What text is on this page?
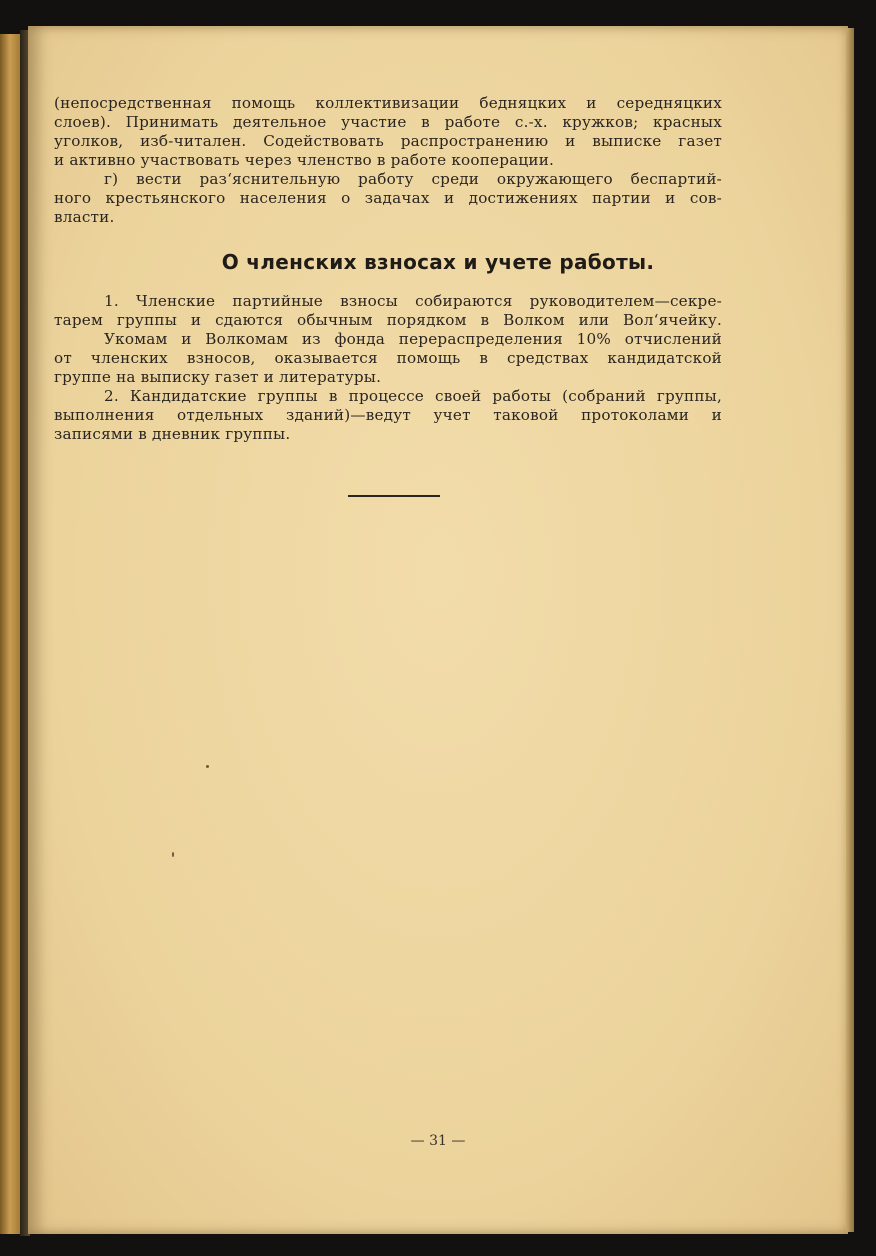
(непосредственная помощь коллективизации бедняцких и середняцких
слоев). Принимать деятельное участие в работе с.-х. кружков; красных
уголков, изб-читален. Содействовать распространению и выписке газет
и активно участвовать через членство в работе кооперации.
г) вести раз‘яснительную работу среди окружающего беспартий-
ного крестьянского населения о задачах и достижениях партии и сов-
власти.
О членских взносах и учете работы.
1. Членские партийные взносы собираются руководителем—секре-
тарем группы и сдаются обычным порядком в Волком или Вол‘ячейку.
Укомам и Волкомам из фонда перераспределения 10% отчислений
от членских взносов, оказывается помощь в средствах кандидатской
группе на выписку газет и литературы.
2. Кандидатские группы в процессе своей работы (собраний группы,
выполнения отдельных зданий)—ведут учет таковой протоколами и
записями в дневник группы.
— 31 —
